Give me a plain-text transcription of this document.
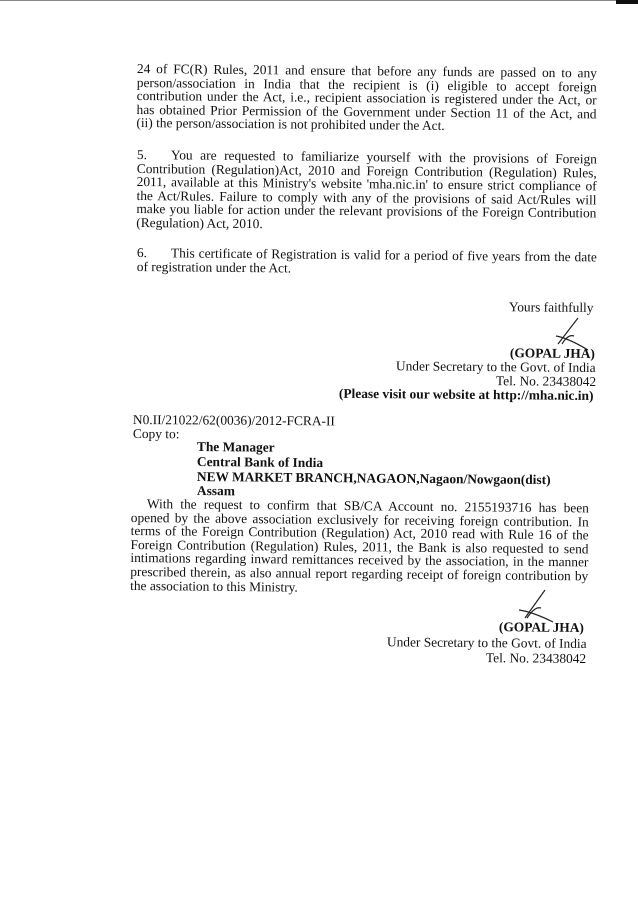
24 of FC(R) Rules, 2011 and ensure that before any funds are passed on to any person/association in India that the recipient is (i) eligible to accept foreign contribution under the Act, i.e., recipient association is registered under the Act, or has obtained Prior Permission of the Government under Section 11 of the Act, and (ii) the person/association is not prohibited under the Act.
5. You are requested to familiarize yourself with the provisions of Foreign Contribution (Regulation)Act, 2010 and Foreign Contribution (Regulation) Rules, 2011, available at this Ministry's website 'mha.nic.in' to ensure strict compliance of the Act/Rules. Failure to comply with any of the provisions of said Act/Rules will make you liable for action under the relevant provisions of the Foreign Contribution (Regulation) Act, 2010.
6. This certificate of Registration is valid for a period of five years from the date of registration under the Act.
Yours faithfully
(GOPAL JHA)
Under Secretary to the Govt. of India
Tel. No. 23438042
(Please visit our website at http://mha.nic.in)
N0.II/21022/62(0036)/2012-FCRA-II
Copy to:
The Manager
Central Bank of India
NEW MARKET BRANCH,NAGAON,Nagaon/Nowgaon(dist)
Assam
With the request to confirm that SB/CA Account no. 2155193716 has been opened by the above association exclusively for receiving foreign contribution. In terms of the Foreign Contribution (Regulation) Act, 2010 read with Rule 16 of the Foreign Contribution (Regulation) Rules, 2011, the Bank is also requested to send intimations regarding inward remittances received by the association, in the manner prescribed therein, as also annual report regarding receipt of foreign contribution by the association to this Ministry.
(GOPAL JHA)
Under Secretary to the Govt. of India
Tel. No. 23438042
